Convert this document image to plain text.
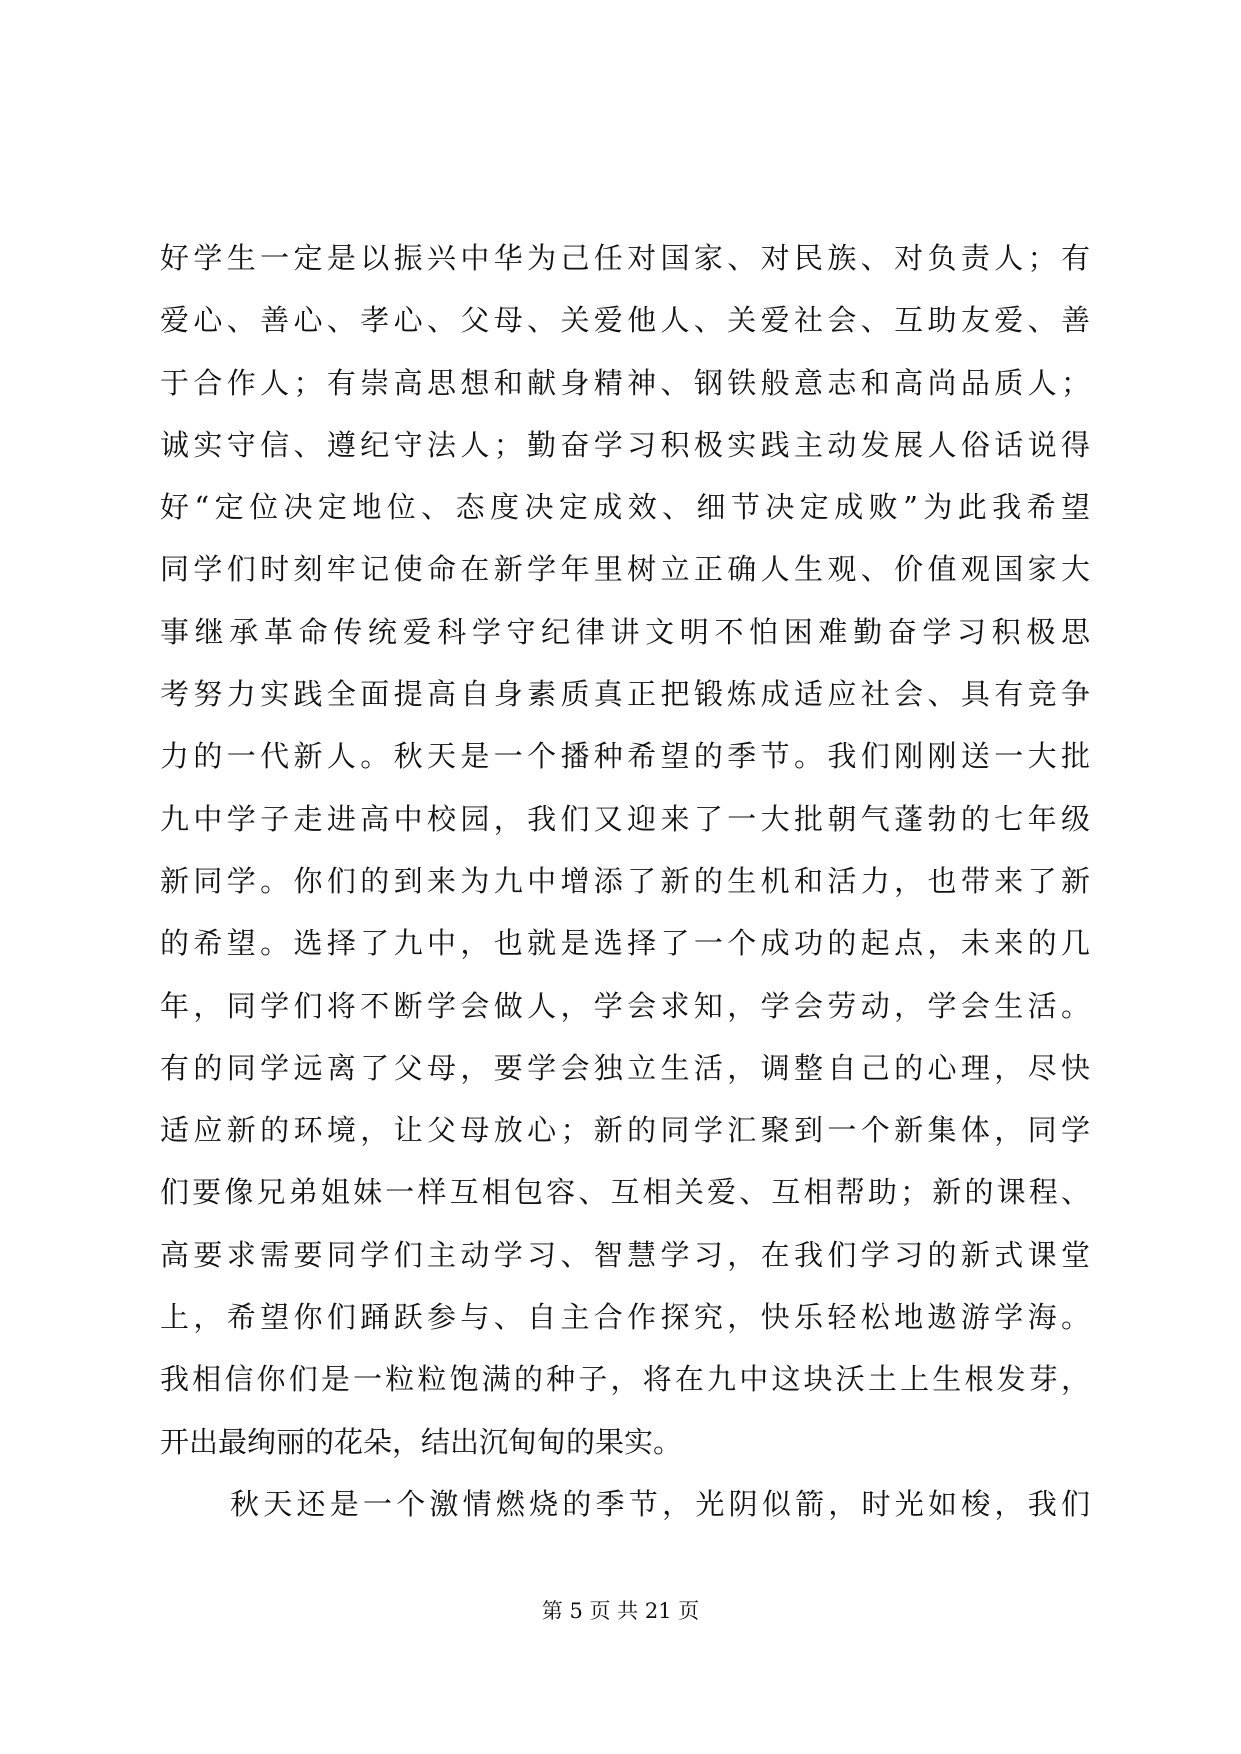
好学生一定是以振兴中华为己任对国家、对民族、对负责人；有
爱心、善心、孝心、父母、关爱他人、关爱社会、互助友爱、善
于合作人；有崇高思想和献身精神、钢铁般意志和高尚品质人；
诚实守信、遵纪守法人；勤奋学习积极实践主动发展人俗话说得
好“定位决定地位、态度决定成效、细节决定成败”为此我希望
同学们时刻牢记使命在新学年里树立正确人生观、价值观国家大
事继承革命传统爱科学守纪律讲文明不怕困难勤奋学习积极思
考努力实践全面提高自身素质真正把锻炼成适应社会、具有竞争
力的一代新人。秋天是一个播种希望的季节。我们刚刚送一大批
九中学子走进高中校园，我们又迎来了一大批朝气蓬勃的七年级
新同学。你们的到来为九中增添了新的生机和活力，也带来了新
的希望。选择了九中，也就是选择了一个成功的起点，未来的几
年，同学们将不断学会做人，学会求知，学会劳动，学会生活。
有的同学远离了父母，要学会独立生活，调整自己的心理，尽快
适应新的环境，让父母放心；新的同学汇聚到一个新集体，同学
们要像兄弟姐妹一样互相包容、互相关爱、互相帮助；新的课程、
高要求需要同学们主动学习、智慧学习，在我们学习的新式课堂
上，希望你们踊跃参与、自主合作探究，快乐轻松地遨游学海。
我相信你们是一粒粒饱满的种子，将在九中这块沃土上生根发芽，
开出最绚丽的花朵，结出沉甸甸的果实。
秋天还是一个激情燃烧的季节，光阴似箭，时光如梭，我们
第 5 页 共 21 页
